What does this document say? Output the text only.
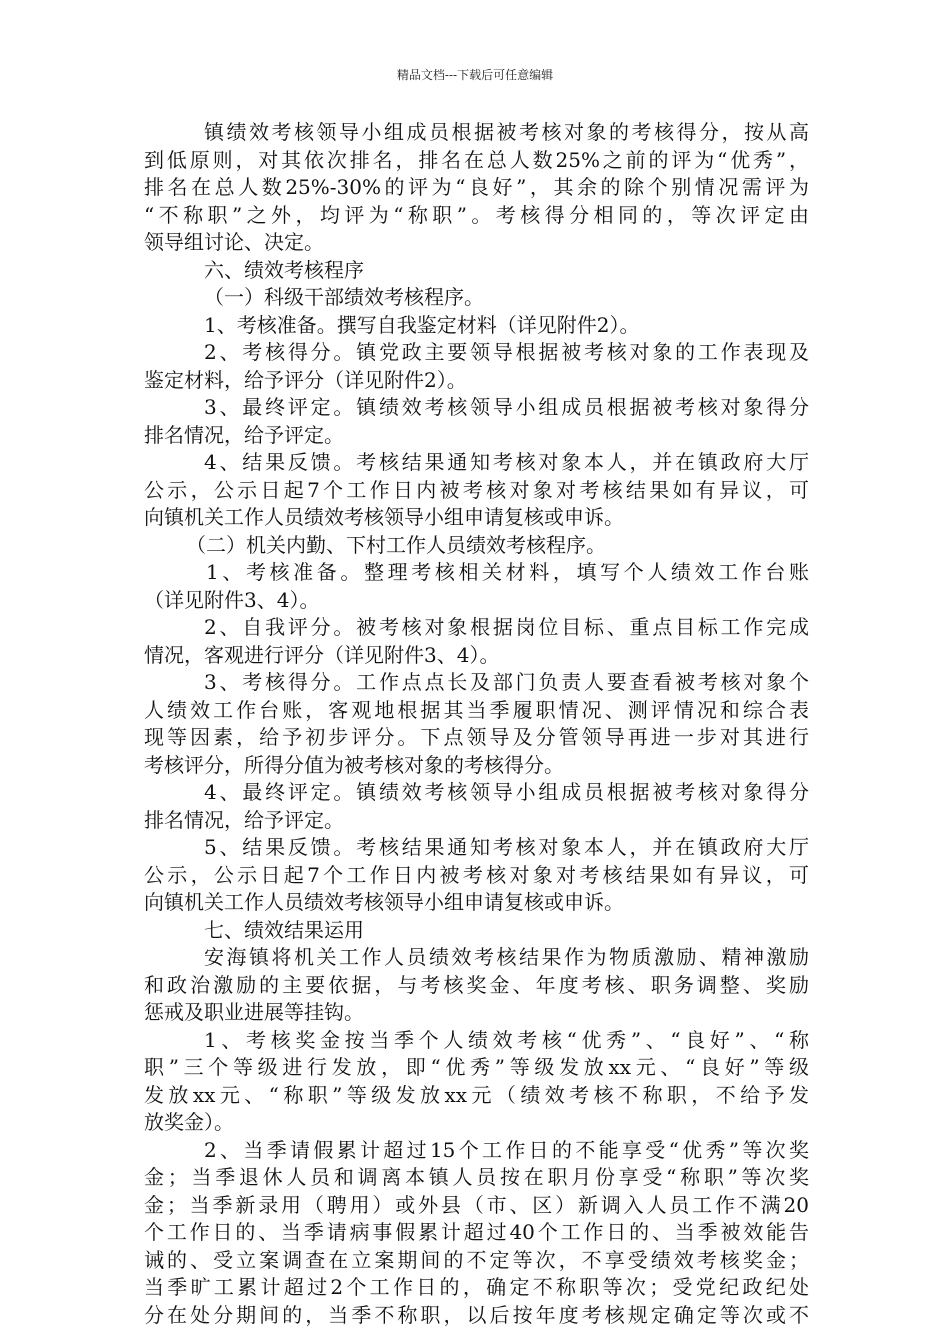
精品文档---下载后可任意编辑
镇绩效考核领导小组成员根据被考核对象的考核得分，按从高
到低原则，对其依次排名，排名在总人数25%之前的评为“优秀”，
排名在总人数25%-30%的评为“良好”，其余的除个别情况需评为
“不称职”之外，均评为“称职”。考核得分相同的，等次评定由
领导组讨论、决定。
六、绩效考核程序
（一）科级干部绩效考核程序。
1、考核准备。撰写自我鉴定材料（详见附件2）。
2、考核得分。镇党政主要领导根据被考核对象的工作表现及
鉴定材料，给予评分（详见附件2）。
3、最终评定。镇绩效考核领导小组成员根据被考核对象得分
排名情况，给予评定。
4、结果反馈。考核结果通知考核对象本人，并在镇政府大厅
公示，公示日起7个工作日内被考核对象对考核结果如有异议，可
向镇机关工作人员绩效考核领导小组申请复核或申诉。
（二）机关内勤、下村工作人员绩效考核程序。
1、考核准备。整理考核相关材料，填写个人绩效工作台账
（详见附件3、4）。
2、自我评分。被考核对象根据岗位目标、重点目标工作完成
情况，客观进行评分（详见附件3、4）。
3、考核得分。工作点点长及部门负责人要查看被考核对象个
人绩效工作台账，客观地根据其当季履职情况、测评情况和综合表
现等因素，给予初步评分。下点领导及分管领导再进一步对其进行
考核评分，所得分值为被考核对象的考核得分。
4、最终评定。镇绩效考核领导小组成员根据被考核对象得分
排名情况，给予评定。
5、结果反馈。考核结果通知考核对象本人，并在镇政府大厅
公示，公示日起7个工作日内被考核对象对考核结果如有异议，可
向镇机关工作人员绩效考核领导小组申请复核或申诉。
七、绩效结果运用
安海镇将机关工作人员绩效考核结果作为物质激励、精神激励
和政治激励的主要依据，与考核奖金、年度考核、职务调整、奖励
惩戒及职业进展等挂钩。
1、考核奖金按当季个人绩效考核“优秀”、“良好”、“称
职”三个等级进行发放，即“优秀”等级发放xx元、“良好”等级
发放xx元、“称职”等级发放xx元（绩效考核不称职，不给予发
放奖金）。
2、当季请假累计超过15个工作日的不能享受“优秀”等次奖
金；当季退休人员和调离本镇人员按在职月份享受“称职”等次奖
金；当季新录用（聘用）或外县（市、区）新调入人员工作不满20
个工作日的、当季请病事假累计超过40个工作日的、当季被效能告
诫的、受立案调查在立案期间的不定等次，不享受绩效考核奖金；
当季旷工累计超过2个工作日的，确定不称职等次；受党纪政纪处
分在处分期间的，当季不称职，以后按年度考核规定确定等次或不
